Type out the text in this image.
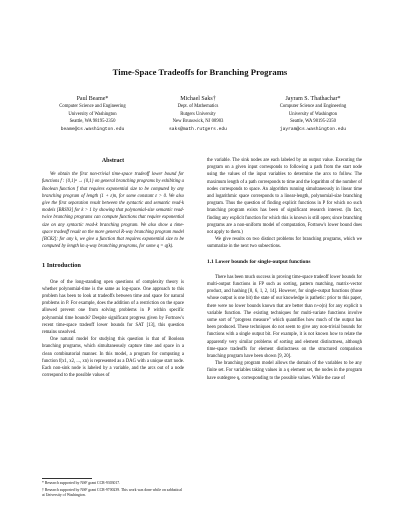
Time-Space Tradeoffs for Branching Programs
Paul Beame*
Computer Science and Engineering
University of Washington
Seattle, WA 98195-2350
beame@cs.washington.edu
Michael Saks†
Dept. of Mathematics
Rutgers University
New Brunswick, NJ 08903
saks@math.rutgers.edu
Jayram S. Thathachar*
Computer Science and Engineering
University of Washington
Seattle, WA 98195-2350
jayram@cs.washington.edu
Abstract

We obtain the first non-trivial time-space tradeoff lower bound for functions f : {0,1}ⁿ → {0,1} on general branching programs by exhibiting a Boolean function f that requires exponential size to be computed by any branching program of length (1 + ε)n, for some constant ε > 0. We also give the first separation result between the syntactic and semantic read-k models [BRS93] for k > 1 by showing that polynomial-size semantic read-twice branching programs can compute functions that require exponential size on any syntactic read-k branching program. We also show a time-space tradeoff result on the more general R-way branching program model [BC82]: for any k, we give a function that requires exponential size to be computed by length kn q-way branching programs, for some q = q(k).

1 Introduction

One of the long-standing open questions of complexity theory is whether polynomial-time is the same as log-space. One approach to this problem has been to look at tradeoffs between time and space for natural problems in P. For example, does the addition of a restriction on the space allowed prevent one from solving problems in P within specific polynomial time bounds? Despite significant progress given by Fortnow's recent time-space tradeoff lower bounds for SAT [13], this question remains unsolved.

One natural model for studying this question is that of Boolean branching programs, which simultaneously capture time and space in a clean combinatorial manner. In this model, a program for computing a function f(x1, x2, ..., xn) is represented as a DAG with a unique start node. Each non-sink node is labeled by a variable, and the arcs out of a node correspond to the possible values of

the variable. The sink nodes are each labeled by an output value. Executing the program on a given input corresponds to following a path from the start node using the values of the input variables to determine the arcs to follow. The maximum length of a path corresponds to time and the logarithm of the number of nodes corresponds to space. An algorithm running simultaneously in linear time and logarithmic space corresponds to a linear-length, polynomial-size branching program. Thus the question of finding explicit functions in P for which no such branching program exists has been of significant research interest. (In fact, finding any explicit function for which this is known is still open; since branching programs are a non-uniform model of computation, Fortnow's lower bound does not apply to them.)

We give results on two distinct problems for branching programs, which we summarize in the next two subsections.

1.1 Lower bounds for single-output functions

There has been much success in proving time-space tradeoff lower bounds for multi-output functions in FP such as sorting, pattern matching, matrix-vector product, and hashing [8, 6, 1, 2, 14]. However, for single-output functions (those whose output is one bit) the state of our knowledge is pathetic: prior to this paper, there were no lower bounds known that are better than n+o(n) for any explicit n variable function. The existing techniques for multi-variate functions involve some sort of "progress measure" which quantifies how much of the output has been produced. These techniques do not seem to give any non-trivial bounds for functions with a single output bit. For example, it is not known how to relate the apparently very similar problems of sorting and element distinctness, although time-space tradeoffs for element distinctness on the structured comparison branching program have been shown [9, 20].

The branching program model allows the domain of the variables to be any finite set. For variables taking values in a q element set, the nodes in the program have outdegree q, corresponding to the possible values. While the case of

* Research supported by NSF grant CCR-9303017.
† Research supported by NSF grant CCR-9700239. This work was done while on sabbatical at University of Washington.
